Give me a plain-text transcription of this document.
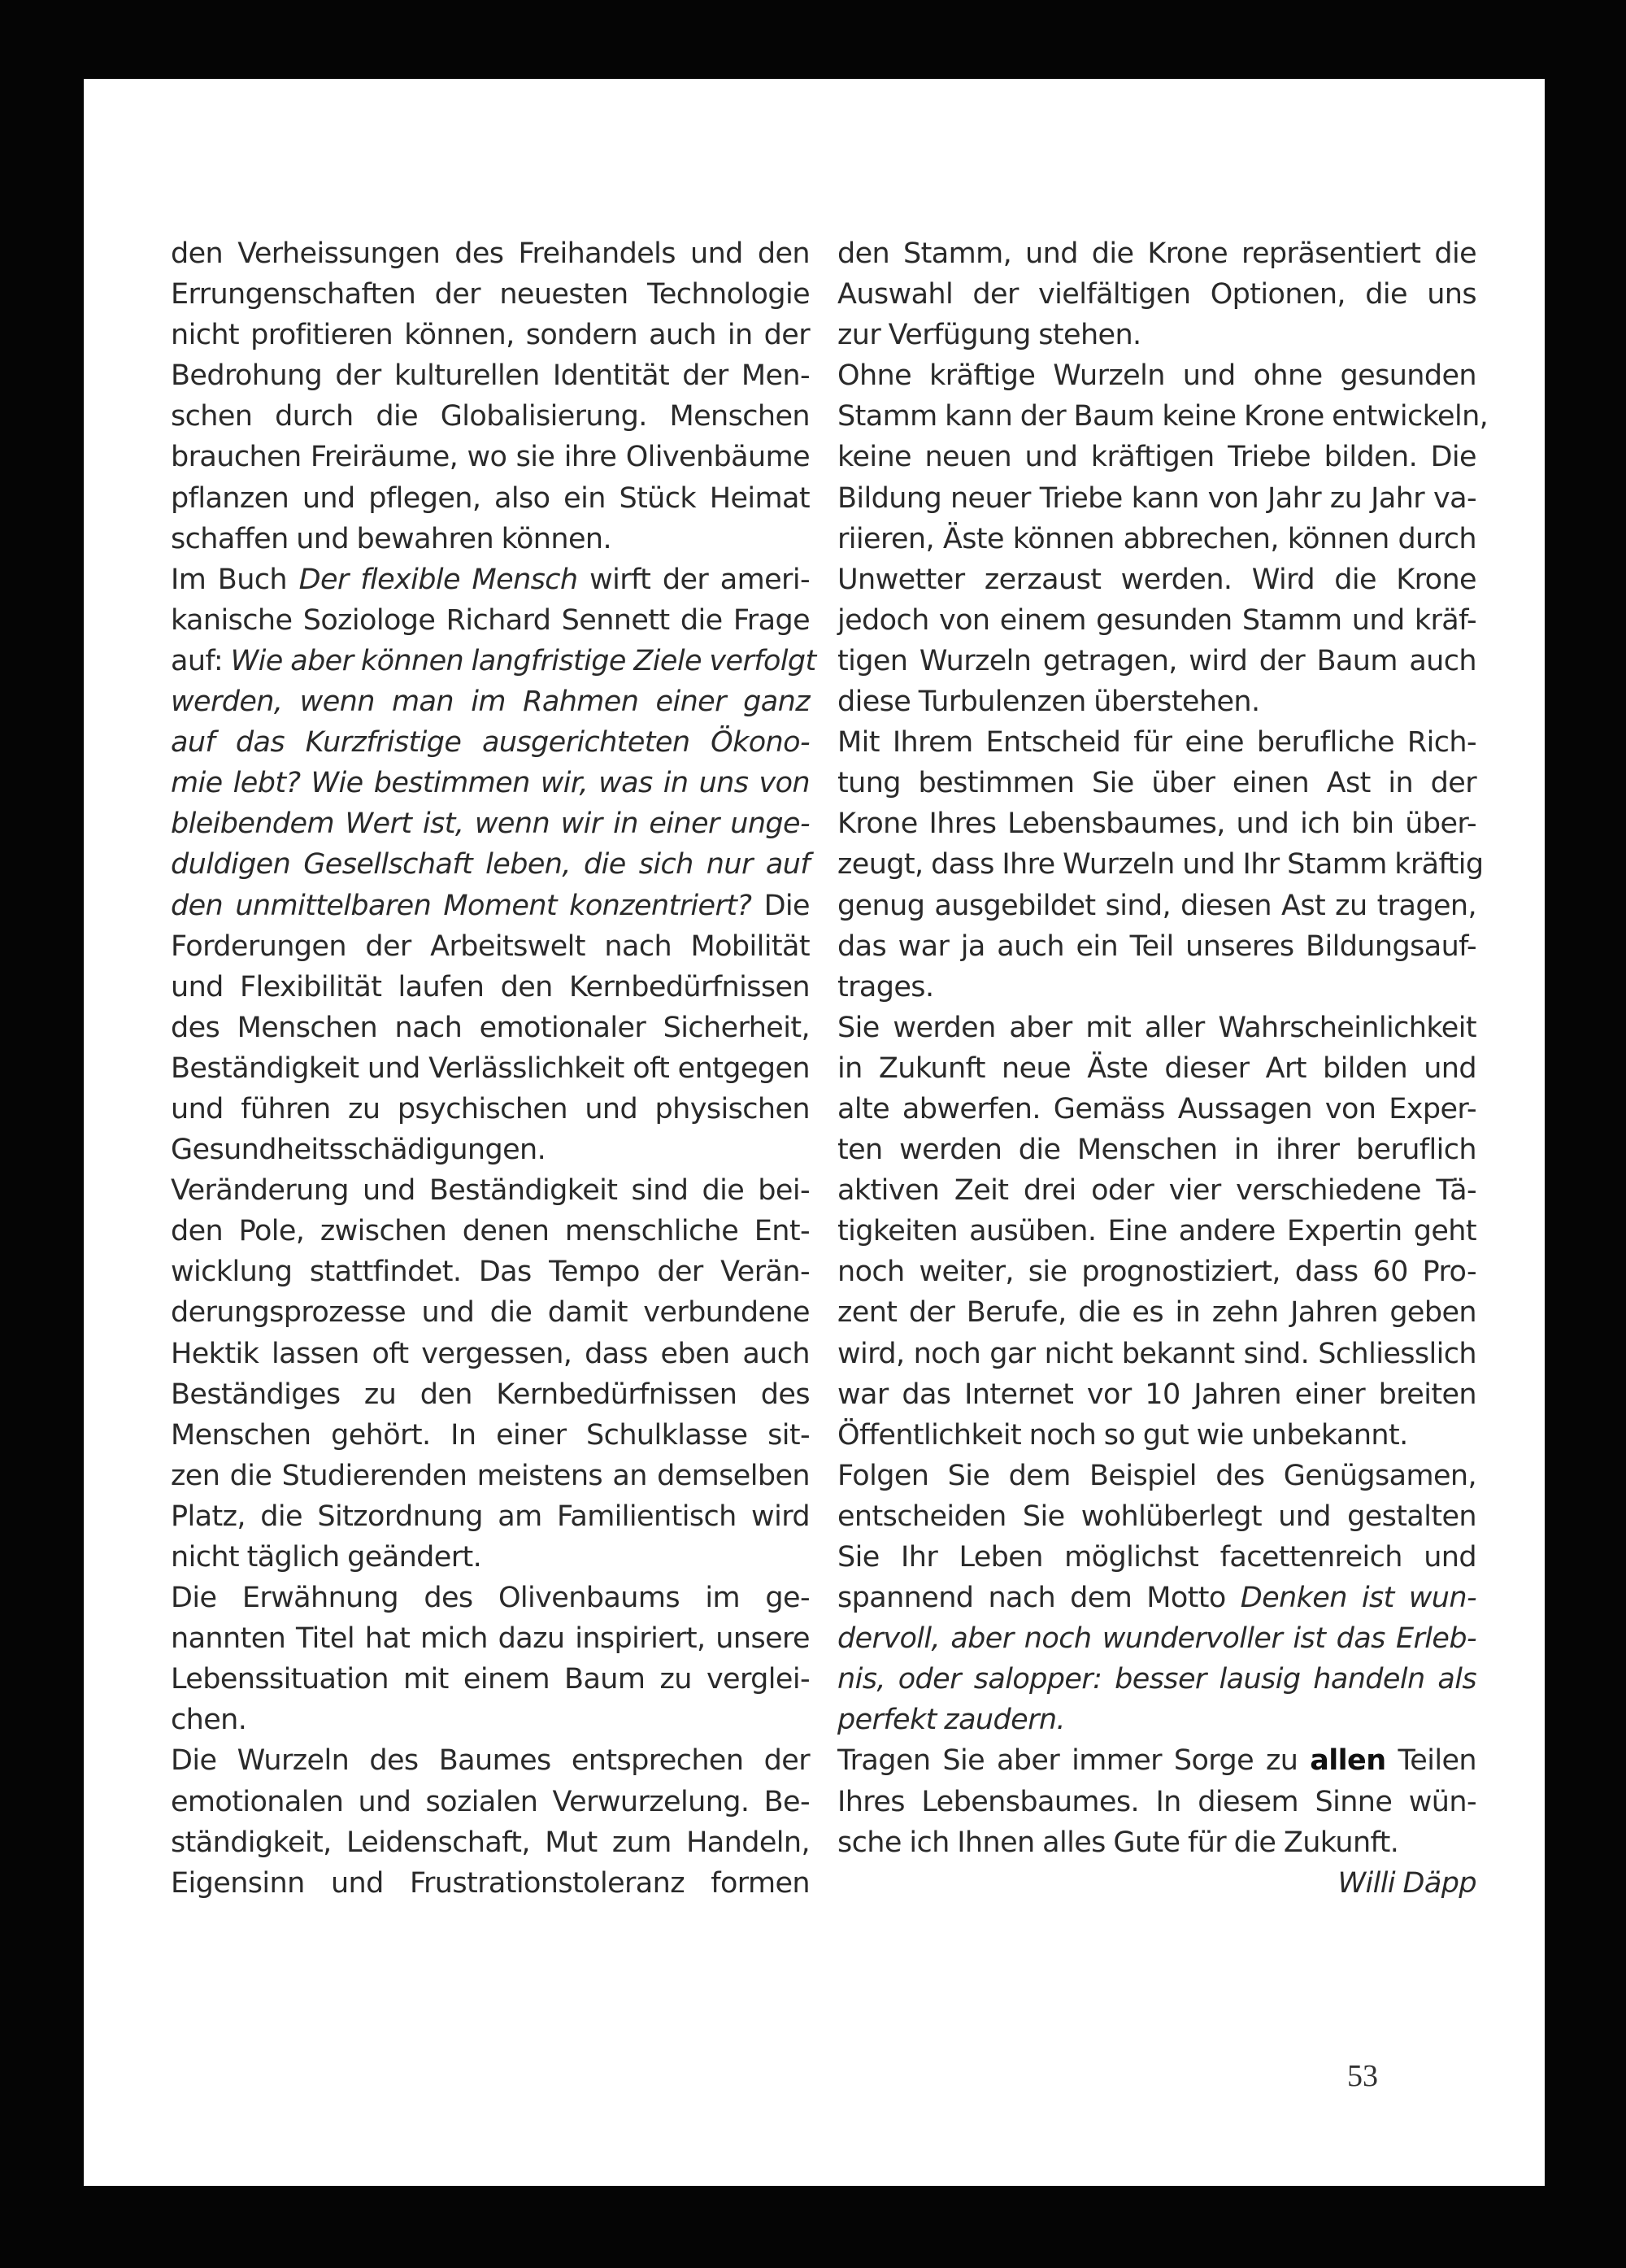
den Verheissungen des Freihandels und den
Errungenschaften der neuesten Technologie
nicht profitieren können, sondern auch in der
Bedrohung der kulturellen Identität der Men-
schen durch die Globalisierung. Menschen
brauchen Freiräume, wo sie ihre Olivenbäume
pflanzen und pflegen, also ein Stück Heimat
schaffen und bewahren können.
Im Buch Der flexible Mensch wirft der ameri-
kanische Soziologe Richard Sennett die Frage
auf: Wie aber können langfristige Ziele verfolgt
werden, wenn man im Rahmen einer ganz
auf das Kurzfristige ausgerichteten Ökono-
mie lebt? Wie bestimmen wir, was in uns von
bleibendem Wert ist, wenn wir in einer unge-
duldigen Gesellschaft leben, die sich nur auf
den unmittelbaren Moment konzentriert? Die
Forderungen der Arbeitswelt nach Mobilität
und Flexibilität laufen den Kernbedürfnissen
des Menschen nach emotionaler Sicherheit,
Beständigkeit und Verlässlichkeit oft entgegen
und führen zu psychischen und physischen
Gesundheitsschädigungen.
Veränderung und Beständigkeit sind die bei-
den Pole, zwischen denen menschliche Ent-
wicklung stattfindet. Das Tempo der Verän-
derungsprozesse und die damit verbundene
Hektik lassen oft vergessen, dass eben auch
Beständiges zu den Kernbedürfnissen des
Menschen gehört. In einer Schulklasse sit-
zen die Studierenden meistens an demselben
Platz, die Sitzordnung am Familientisch wird
nicht täglich geändert.
Die Erwähnung des Olivenbaums im ge-
nannten Titel hat mich dazu inspiriert, unsere
Lebenssituation mit einem Baum zu verglei-
chen.
Die Wurzeln des Baumes entsprechen der
emotionalen und sozialen Verwurzelung. Be-
ständigkeit, Leidenschaft, Mut zum Handeln,
Eigensinn und Frustrationstoleranz formen
den Stamm, und die Krone repräsentiert die
Auswahl der vielfältigen Optionen, die uns
zur Verfügung stehen.
Ohne kräftige Wurzeln und ohne gesunden
Stamm kann der Baum keine Krone entwickeln,
keine neuen und kräftigen Triebe bilden. Die
Bildung neuer Triebe kann von Jahr zu Jahr va-
riieren, Äste können abbrechen, können durch
Unwetter zerzaust werden. Wird die Krone
jedoch von einem gesunden Stamm und kräf-
tigen Wurzeln getragen, wird der Baum auch
diese Turbulenzen überstehen.
Mit Ihrem Entscheid für eine berufliche Rich-
tung bestimmen Sie über einen Ast in der
Krone Ihres Lebensbaumes, und ich bin über-
zeugt, dass Ihre Wurzeln und Ihr Stamm kräftig
genug ausgebildet sind, diesen Ast zu tragen,
das war ja auch ein Teil unseres Bildungsauf-
trages.
Sie werden aber mit aller Wahrscheinlichkeit
in Zukunft neue Äste dieser Art bilden und
alte abwerfen. Gemäss Aussagen von Exper-
ten werden die Menschen in ihrer beruflich
aktiven Zeit drei oder vier verschiedene Tä-
tigkeiten ausüben. Eine andere Expertin geht
noch weiter, sie prognostiziert, dass 60 Pro-
zent der Berufe, die es in zehn Jahren geben
wird, noch gar nicht bekannt sind. Schliesslich
war das Internet vor 10 Jahren einer breiten
Öffentlichkeit noch so gut wie unbekannt.
Folgen Sie dem Beispiel des Genügsamen,
entscheiden Sie wohlüberlegt und gestalten
Sie Ihr Leben möglichst facettenreich und
spannend nach dem Motto Denken ist wun-
dervoll, aber noch wundervoller ist das Erleb-
nis, oder salopper: besser lausig handeln als
perfekt zaudern.
Tragen Sie aber immer Sorge zu allen Teilen
Ihres Lebensbaumes. In diesem Sinne wün-
sche ich Ihnen alles Gute für die Zukunft.
Willi Däpp
53
